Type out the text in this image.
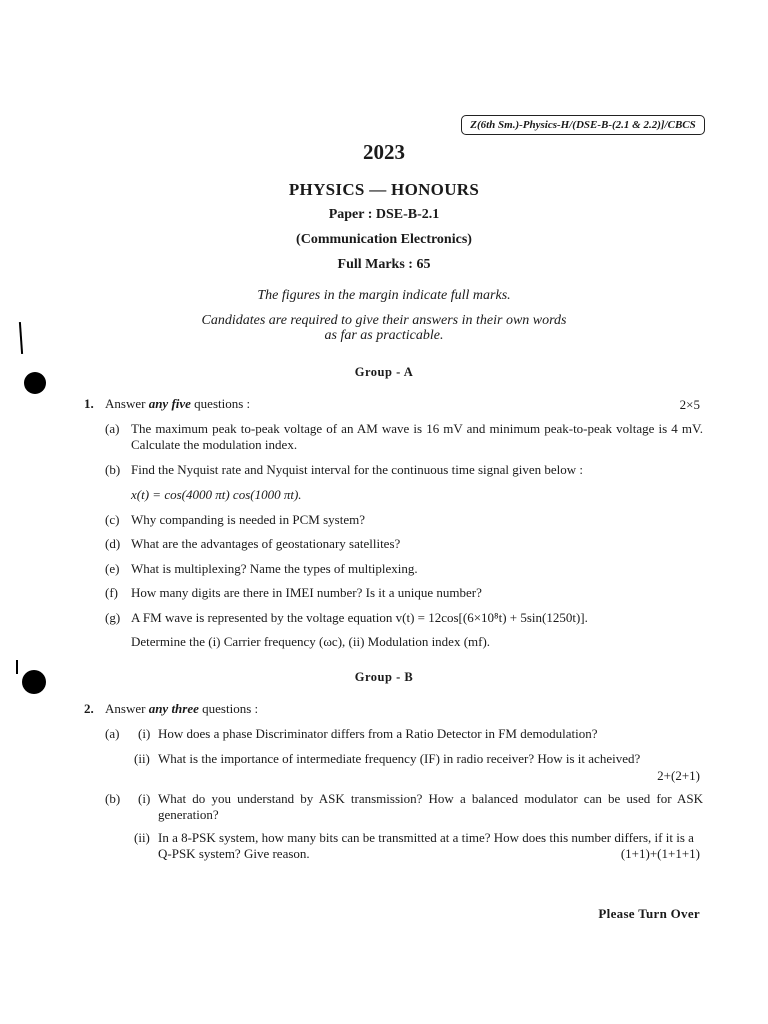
Z(6th Sm.)-Physics-H/(DSE-B-(2.1 & 2.2)]/CBCS
2023
PHYSICS — HONOURS
Paper : DSE-B-2.1
(Communication Electronics)
Full Marks : 65
The figures in the margin indicate full marks.
Candidates are required to give their answers in their own words
as far as practicable.
Group - A
1. Answer any five questions :	2×5
(a) The maximum peak to-peak voltage of an AM wave is 16 mV and minimum peak-to-peak voltage is 4 mV. Calculate the modulation index.
(b) Find the Nyquist rate and Nyquist interval for the continuous time signal given below :
x(t) = cos(4000 πt) cos(1000 πt).
(c) Why companding is needed in PCM system?
(d) What are the advantages of geostationary satellites?
(e) What is multiplexing? Name the types of multiplexing.
(f) How many digits are there in IMEI number? Is it a unique number?
(g) A FM wave is represented by the voltage equation v(t) = 12cos[(6×10⁸t) + 5sin(1250t)].
Determine the (i) Carrier frequency (ωc), (ii) Modulation index (mf).
Group - B
2. Answer any three questions :
(a) (i) How does a phase Discriminator differs from a Ratio Detector in FM demodulation?
(ii) What is the importance of intermediate frequency (IF) in radio receiver? How is it acheived?
2+(2+1)
(b) (i) What do you understand by ASK transmission? How a balanced modulator can be used for ASK generation?
(ii) In a 8-PSK system, how many bits can be transmitted at a time? How does this number differs, if it is a Q-PSK system? Give reason.	(1+1)+(1+1+1)
Please Turn Over
